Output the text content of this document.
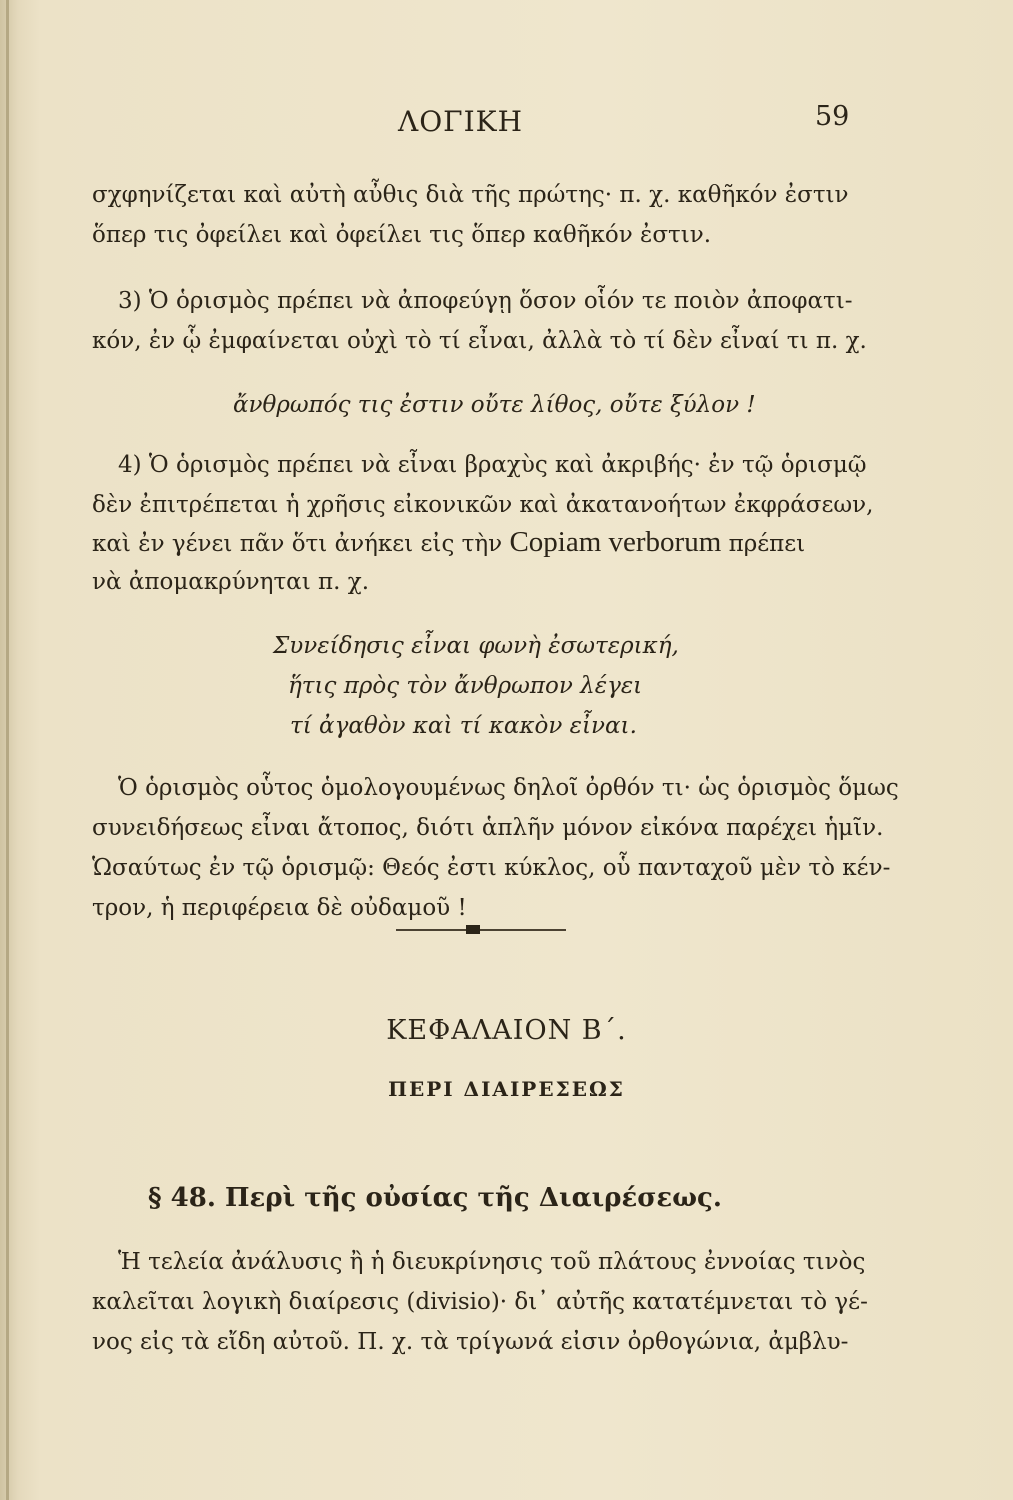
ΛΟΓΙΚΗ	59
σχφηνίζεται καὶ αὐτὴ αὖθις διὰ τῆς πρώτης· π. χ. καθῆκόν ἐστιν
ὅπερ τις ὀφείλει καὶ ὀφείλει τις ὅπερ καθῆκόν ἐστιν.
3) Ὁ ὁρισμὸς πρέπει νὰ ἀποφεύγῃ ὅσον οἷόν τε ποιὸν ἀποφατι-
κόν, ἐν ᾧ ἐμφαίνεται οὐχὶ τὸ τί εἶναι, ἀλλὰ τὸ τί δὲν εἶναί τι π. χ.
ἄνθρωπός τις ἐστιν οὔτε λίθος, οὔτε ξύλον !
4) Ὁ ὁρισμὸς πρέπει νὰ εἶναι βραχὺς καὶ ἀκριβής· ἐν τῷ ὁρισμῷ
δὲν ἐπιτρέπεται ἡ χρῆσις εἰκονικῶν καὶ ἀκατανοήτων ἐκφράσεων,
καὶ ἐν γένει πᾶν ὅτι ἀνήκει εἰς τὴν Copiam verborum πρέπει
νὰ ἀπομακρύνηται π. χ.
Συνείδησις εἶναι φωνὴ ἐσωτερική,
ἥτις πρὸς τὸν ἄνθρωπον λέγει
τί ἀγαθὸν καὶ τί κακὸν εἶναι.
Ὁ ὁρισμὸς οὗτος ὁμολογουμένως δηλοῖ ὀρθόν τι· ὡς ὁρισμὸς ὅμως
συνειδήσεως εἶναι ἄτοπος, διότι ἁπλῆν μόνον εἰκόνα παρέχει ἡμῖν.
Ὡσαύτως ἐν τῷ ὁρισμῷ: Θεός ἐστι κύκλος, οὗ πανταχοῦ μὲν τὸ κέν-
τρον, ἡ περιφέρεια δὲ οὐδαμοῦ !
ΚΕΦΑΛΑΙΟΝ Β΄.
ΠΕΡΙ ΔΙΑΙΡΕΣΕΩΣ
§ 48. Περὶ τῆς οὐσίας τῆς Διαιρέσεως.
Ἡ τελεία ἀνάλυσις ἢ ἡ διευκρίνησις τοῦ πλάτους ἐννοίας τινὸς
καλεῖται λογικὴ διαίρεσις (divisio)· δι᾽ αὐτῆς κατατέμνεται τὸ γέ-
νος εἰς τὰ εἴδη αὐτοῦ. Π. χ. τὰ τρίγωνά εἰσιν ὀρθογώνια, ἀμβλυ-
